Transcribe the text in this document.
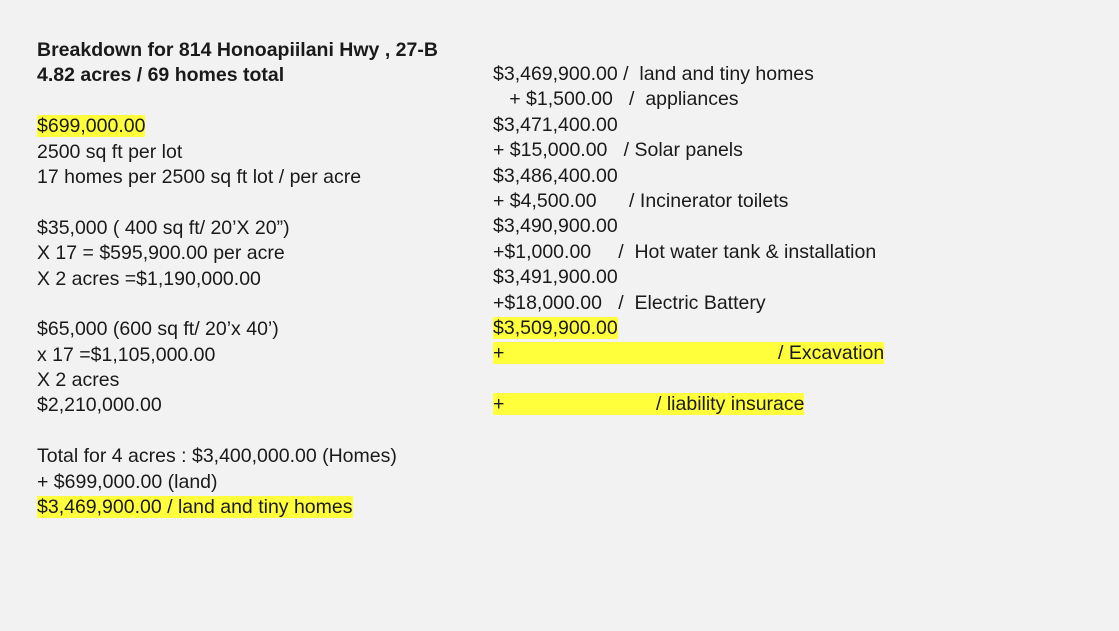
Breakdown for 814 Honoapiilani Hwy , 27-B
4.82 acres / 69 homes total
$699,000.00
2500 sq ft per lot
17 homes per 2500 sq ft lot / per acre
$35,000 ( 400 sq ft/ 20’X 20”)
X 17 = $595,900.00 per acre
X 2 acres =$1,190,000.00
$65,000 (600 sq ft/ 20’x 40’)
x 17 =$1,105,000.00
X 2 acres
$2,210,000.00
Total for 4 acres : $3,400,000.00 (Homes)
+ $699,000.00 (land)
$3,469,900.00 / land and tiny homes
$3,469,900.00 /  land and tiny homes
+ $1,500.00   /  appliances
$3,471,400.00
+ $15,000.00   / Solar panels
$3,486,400.00
+ $4,500.00      / Incinerator toilets
$3,490,900.00
+$1,000.00     /  Hot water tank & installation
$3,491,900.00
+$18,000.00   /  Electric Battery
$3,509,900.00
+	/ Excavation
+	/ liability insurace
